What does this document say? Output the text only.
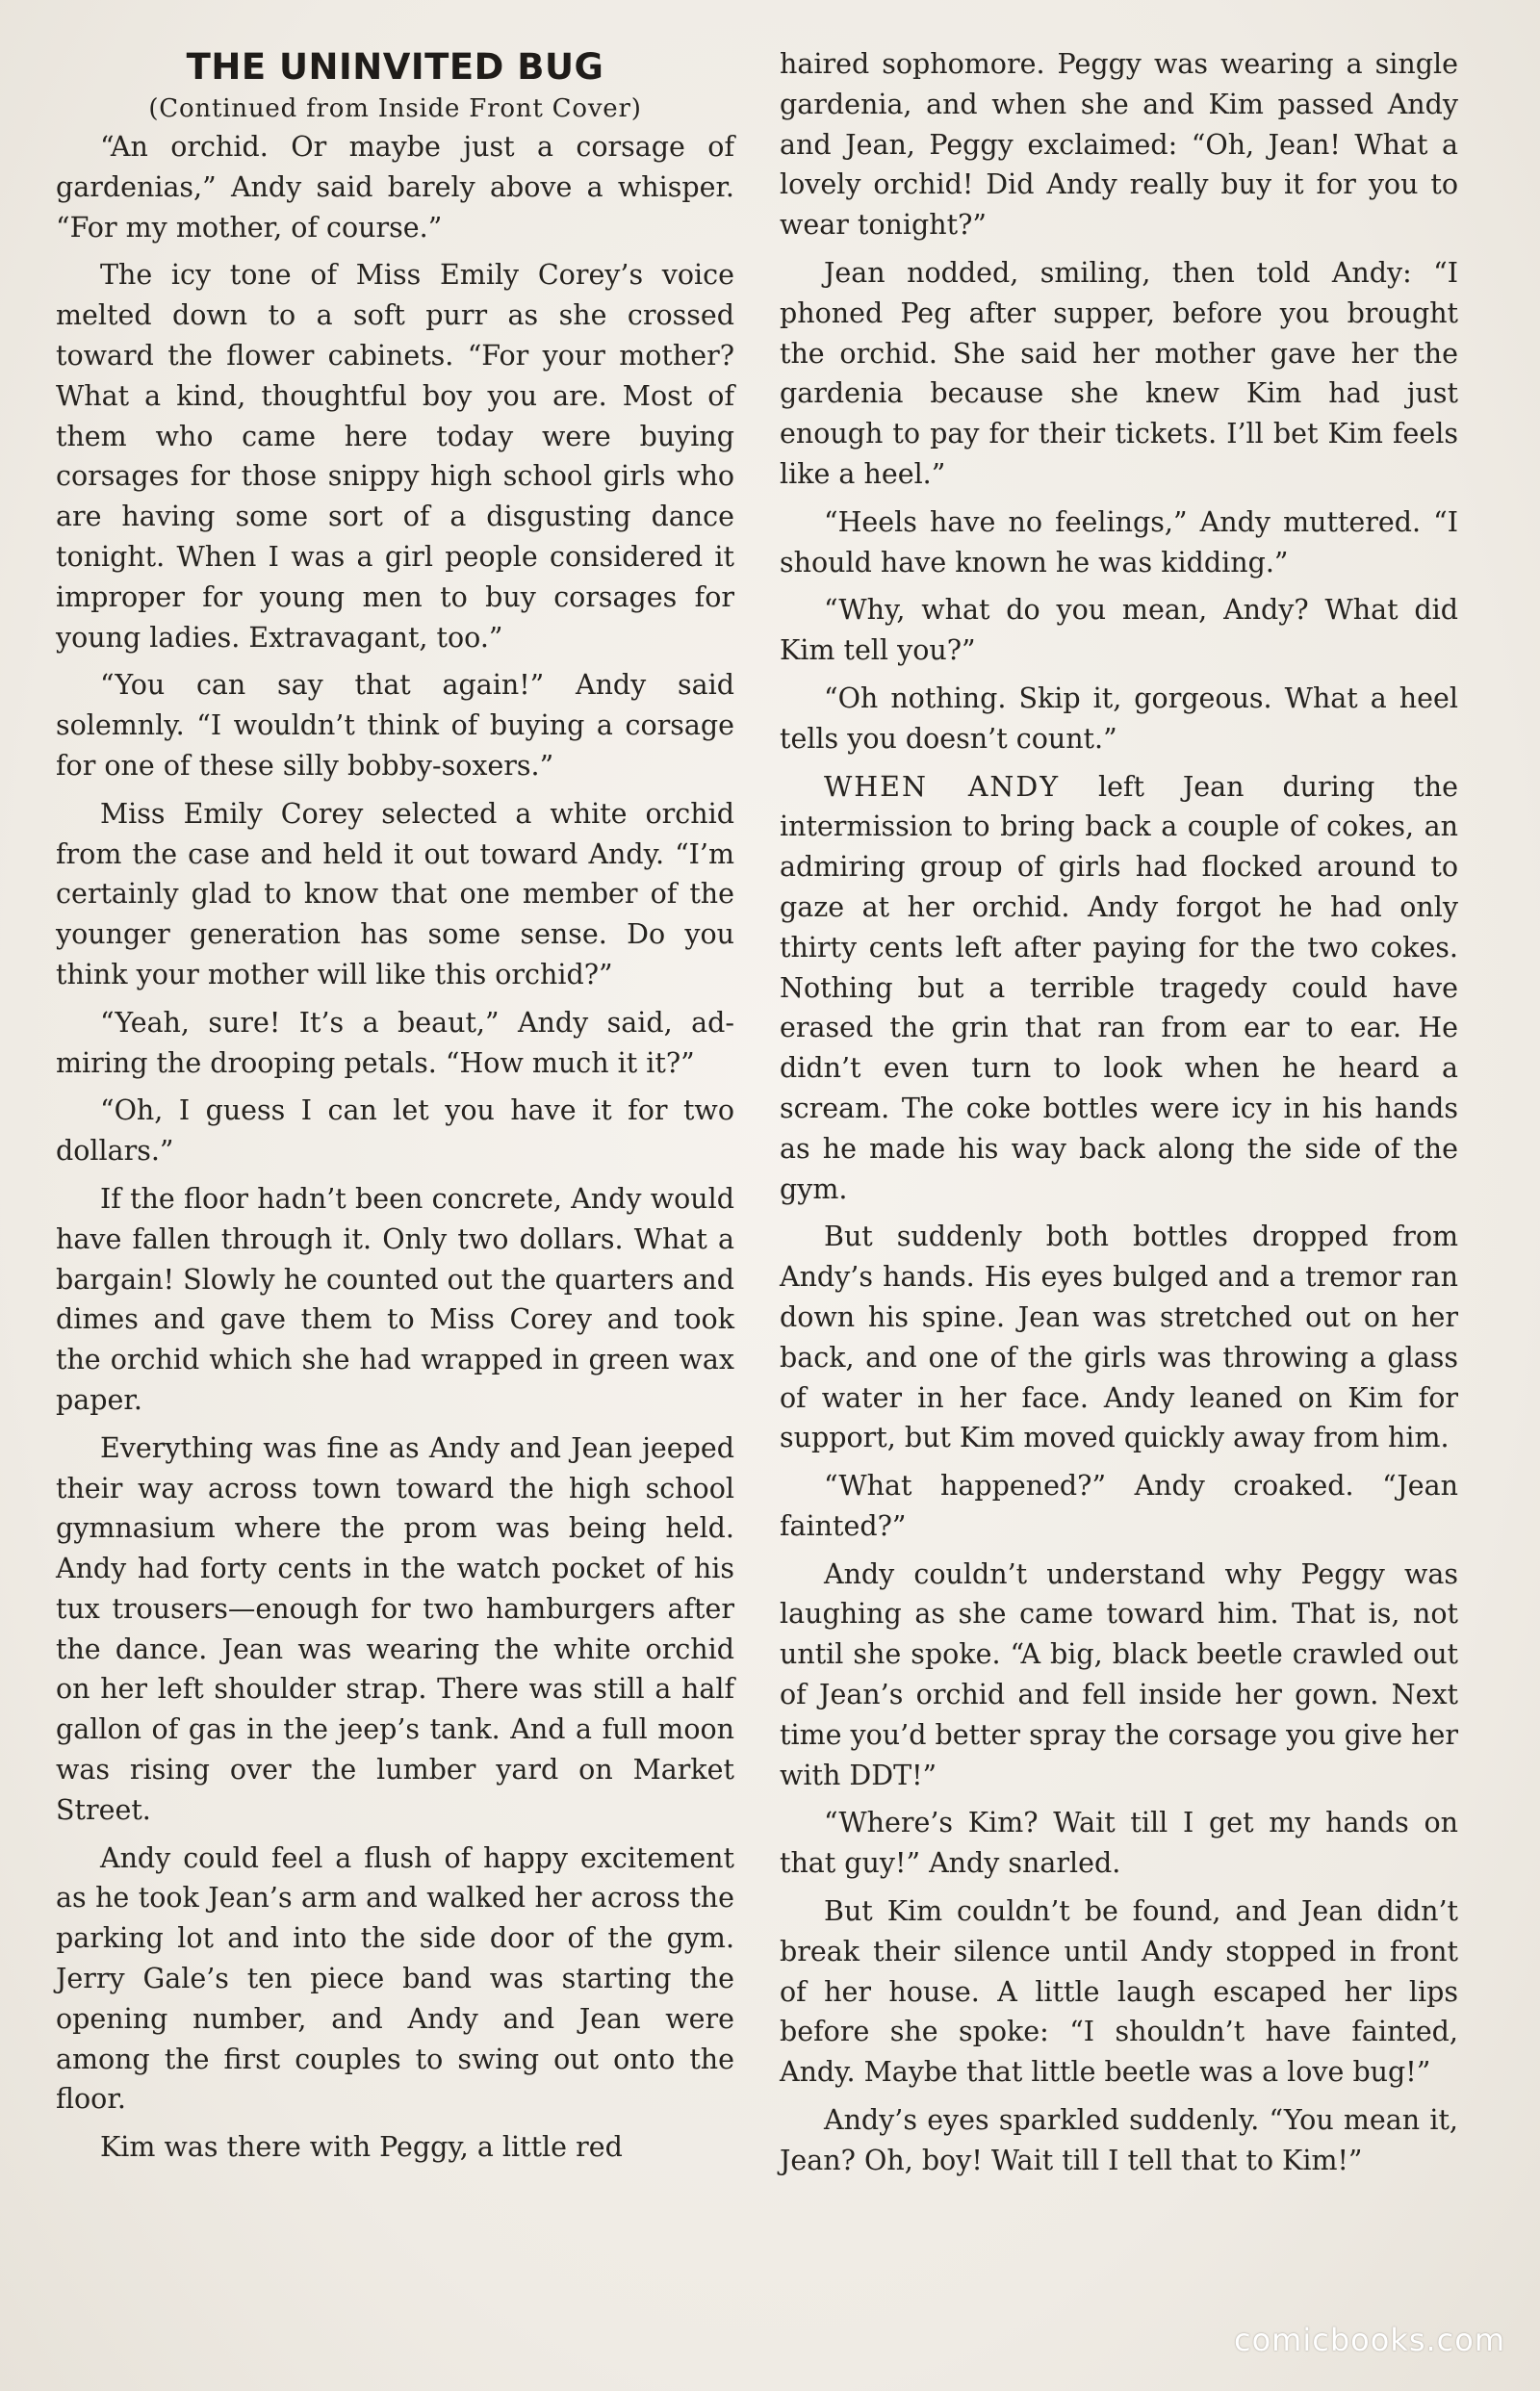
THE UNINVITED BUG
(Continued from Inside Front Cover)

“An orchid. Or maybe just a corsage of gardenias,” Andy said barely above a whisper. “For my mother, of course.”

The icy tone of Miss Emily Corey’s voice melted down to a soft purr as she crossed toward the flower cabinets. “For your mother? What a kind, thoughtful boy you are. Most of them who came here today were buying corsages for those snippy high school girls who are having some sort of a disgusting dance tonight. When I was a girl people considered it improper for young men to buy corsages for young ladies. Extravagant, too.”

“You can say that again!” Andy said solemnly. “I wouldn’t think of buying a corsage for one of these silly bobby-soxers.”

Miss Emily Corey selected a white orchid from the case and held it out toward Andy. “I’m certainly glad to know that one member of the younger generation has some sense. Do you think your mother will like this orchid?”

“Yeah, sure! It’s a beaut,” Andy said, admiring the drooping petals. “How much it it?”

“Oh, I guess I can let you have it for two dollars.”

If the floor hadn’t been concrete, Andy would have fallen through it. Only two dollars. What a bargain! Slowly he counted out the quarters and dimes and gave them to Miss Corey and took the orchid which she had wrapped in green wax paper.

Everything was fine as Andy and Jean jeeped their way across town toward the high school gymnasium where the prom was being held. Andy had forty cents in the watch pocket of his tux trousers—enough for two hamburgers after the dance. Jean was wearing the white orchid on her left shoulder strap. There was still a half gallon of gas in the jeep’s tank. And a full moon was rising over the lumber yard on Market Street.

Andy could feel a flush of happy excitement as he took Jean’s arm and walked her across the parking lot and into the side door of the gym. Jerry Gale’s ten piece band was starting the opening number, and Andy and Jean were among the first couples to swing out onto the floor.

Kim was there with Peggy, a little red

haired sophomore. Peggy was wearing a single gardenia, and when she and Kim passed Andy and Jean, Peggy exclaimed: “Oh, Jean! What a lovely orchid! Did Andy really buy it for you to wear tonight?”

Jean nodded, smiling, then told Andy: “I phoned Peg after supper, before you brought the orchid. She said her mother gave her the gardenia because she knew Kim had just enough to pay for their tickets. I’ll bet Kim feels like a heel.”

“Heels have no feelings,” Andy muttered. “I should have known he was kidding.”

“Why, what do you mean, Andy? What did Kim tell you?”

“Oh nothing. Skip it, gorgeous. What a heel tells you doesn’t count.”

WHEN ANDY left Jean during the intermission to bring back a couple of cokes, an admiring group of girls had flocked around to gaze at her orchid. Andy forgot he had only thirty cents left after paying for the two cokes. Nothing but a terrible tragedy could have erased the grin that ran from ear to ear. He didn’t even turn to look when he heard a scream. The coke bottles were icy in his hands as he made his way back along the side of the gym.

But suddenly both bottles dropped from Andy’s hands. His eyes bulged and a tremor ran down his spine. Jean was stretched out on her back, and one of the girls was throwing a glass of water in her face. Andy leaned on Kim for support, but Kim moved quickly away from him.

“What happened?” Andy croaked. “Jean fainted?”

Andy couldn’t understand why Peggy was laughing as she came toward him. That is, not until she spoke. “A big, black beetle crawled out of Jean’s orchid and fell inside her gown. Next time you’d better spray the corsage you give her with DDT!”

“Where’s Kim? Wait till I get my hands on that guy!” Andy snarled.

But Kim couldn’t be found, and Jean didn’t break their silence until Andy stopped in front of her house. A little laugh escaped her lips before she spoke: “I shouldn’t have fainted, Andy. Maybe that little beetle was a love bug!”

Andy’s eyes sparkled suddenly. “You mean it, Jean? Oh, boy! Wait till I tell that to Kim!”

comicbooks.com
